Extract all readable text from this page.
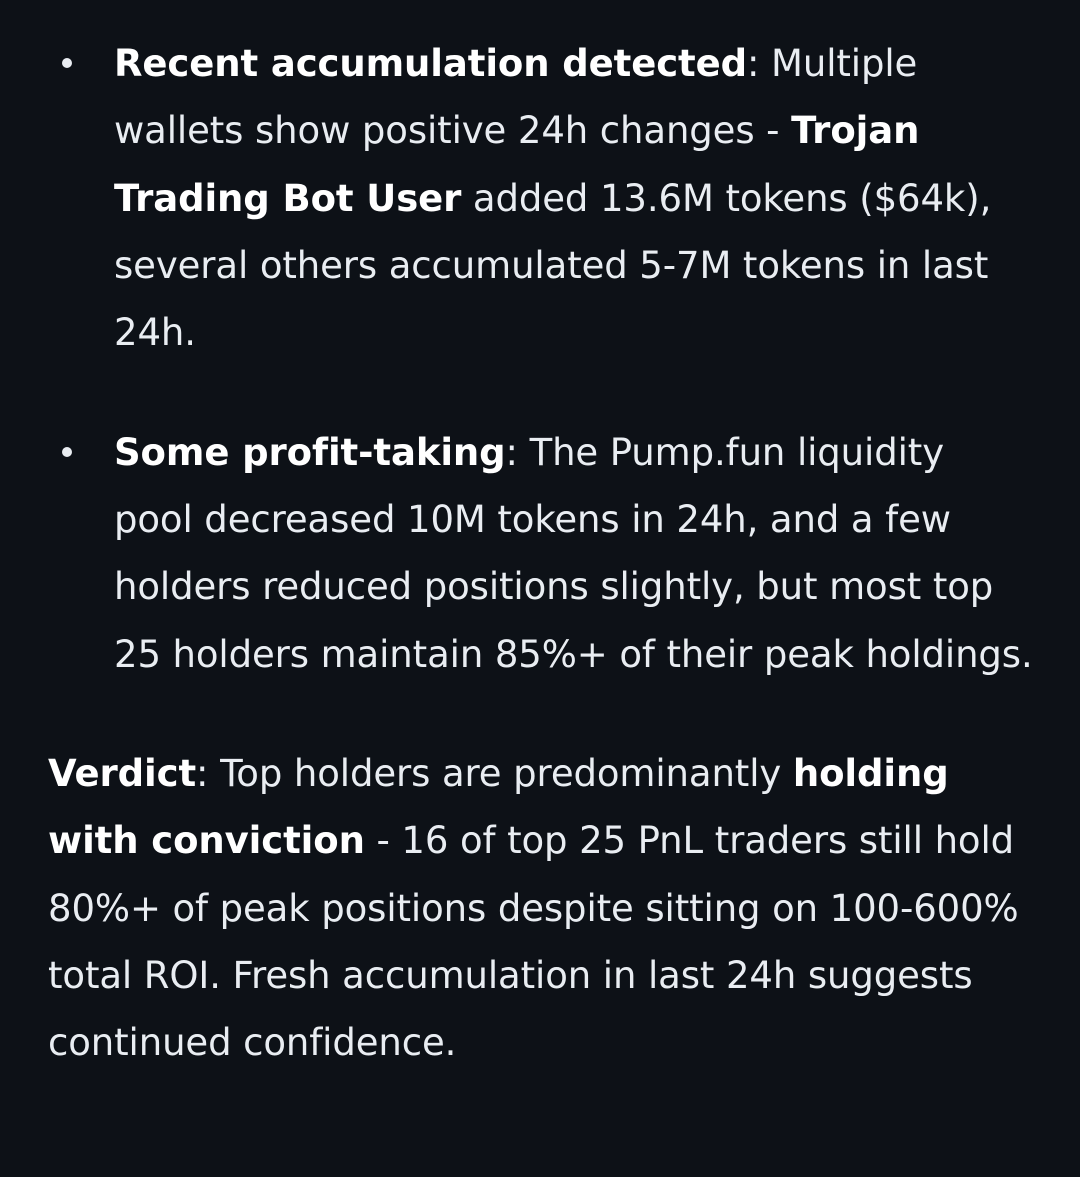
Recent accumulation detected: Multiple wallets show positive 24h changes - Trojan Trading Bot User added 13.6M tokens ($64k), several others accumulated 5-7M tokens in last 24h.
Some profit-taking: The Pump.fun liquidity pool decreased 10M tokens in 24h, and a few holders reduced positions slightly, but most top 25 holders maintain 85%+ of their peak holdings.

Verdict: Top holders are predominantly holding with conviction - 16 of top 25 PnL traders still hold 80%+ of peak positions despite sitting on 100-600% total ROI. Fresh accumulation in last 24h suggests continued confidence.
